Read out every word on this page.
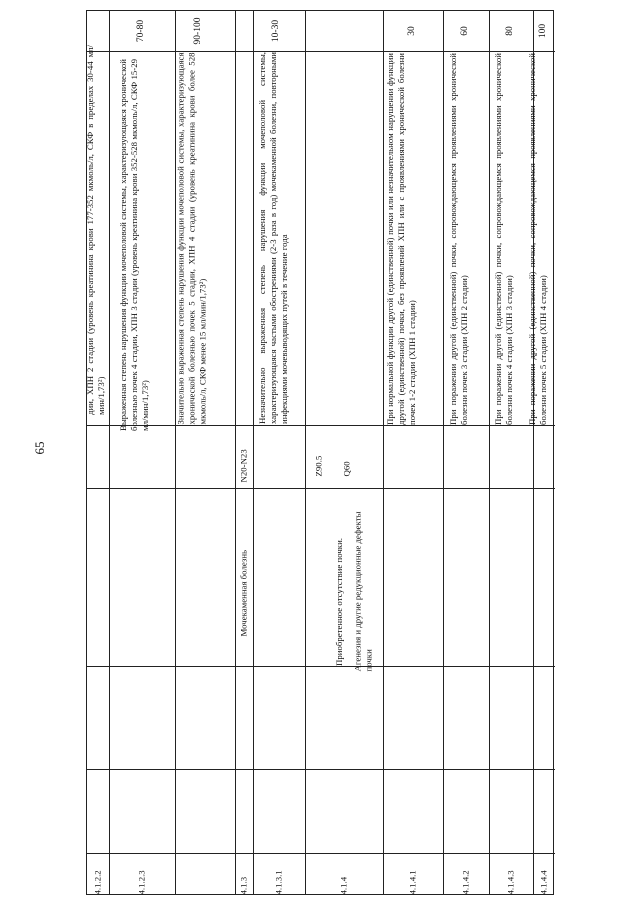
65
4.1.2.2
дии, ХПН 2 стадии (уровень креатинина крови 177-352 мкмоль/л, СКФ в пределах 30-44 мл/мин/1,73²)
4.1.2.3
Выраженная степень нарушения функции мочеполовой системы, характеризующаяся хронической болезнью почек 4 стадии, ХПН 3 стадии (уровень креатинина крови 352-528 мкмоль/л, СКФ 15-29 мл/мин/1,73²)
70-80
Значительно выраженная степень нарушения функции мочеполовой системы, характеризующаяся хронической болезнью почек 5 стадии, ХПН 4 стадии (уровень креатинина крови более 528 мкмоль/л, СКФ менее 15 мл/мин/1,73²)
90-100
4.1.3
Мочекаменная болезнь
N20-N23
4.1.3.1
Незначительно выраженная степень нарушения функции мочеполовой системы, характеризующаяся частыми обострениями (2-3 раза в год) мочекаменной болезни, повторными инфекциями мочевыводящих путей в течение года
10-30
4.1.4
Приобретенное отсутствие почки. Агенезия и другие редукционные дефекты почки
Z90.5 Q60
4.1.4.1
При нормальной функции другой (единственной) почки или незначительном нарушении функции другой (единственной) почки, без проявлений ХПН или с проявлениями хронической болезни почек 1-2 стадии (ХПН 1 стадии)
30
4.1.4.2
При поражении другой (единственной) почки, сопровождающемся проявлениями хронической болезни почек 3 стадии (ХПН 2 стадии)
60
4.1.4.3
При поражении другой (единственной) почки, сопровождающемся проявлениями хронической болезни почек 4 стадии (ХПН 3 стадии)
80
4.1.4.4
При поражении другой (единственной) почки, сопровождающемся проявлениями хронической болезни почек 5 стадии (ХПН 4 стадии)
100
